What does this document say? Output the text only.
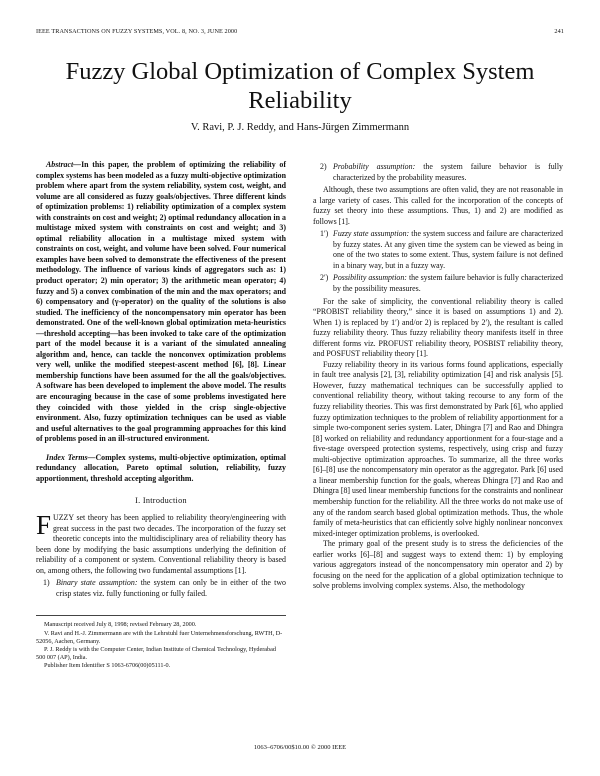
IEEE TRANSACTIONS ON FUZZY SYSTEMS, VOL. 8, NO. 3, JUNE 2000	241
Fuzzy Global Optimization of Complex System Reliability
V. Ravi, P. J. Reddy, and Hans-Jürgen Zimmermann

Abstract—In this paper, the problem of optimizing the reliability of complex systems has been modeled as a fuzzy multi-objective optimization problem where apart from the system reliability, system cost, weight, and volume are all considered as fuzzy goals/objectives. Three different kinds of optimization problems: 1) reliability optimization of a complex system with constraints on cost and weight; 2) optimal redundancy allocation in a multistage mixed system with constraints on cost and weight; and 3) optimal reliability allocation in a multistage mixed system with constraints on cost, weight, and volume have been solved. Four numerical examples have been solved to demonstrate the effectiveness of the present methodology. The influence of various kinds of aggregators such as: 1) product operator; 2) min operator; 3) the arithmetic mean operator; 4) fuzzy and 5) a convex combination of the min and the max operators; and 6) compensatory and (γ-operator) on the quality of the solutions is also studied. The inefficiency of the noncompensatory min operator has been demonstrated. One of the well-known global optimization meta-heuristics—threshold accepting—has been invoked to take care of the optimization part of the model because it is a variant of the simulated annealing algorithm and, hence, can tackle the nonconvex optimization problems very well, unlike the modified steepest-ascent method [6], [8]. Linear membership functions have been assumed for the all the goals/objectives. A software has been developed to implement the above model. The results are encouraging because in the case of some problems investigated here they coincided with those yielded in the crisp single-objective environment. Also, fuzzy optimization techniques can be used as viable and useful alternatives to the goal programming approaches for this kind of problems posed in an ill-structured environment.

Index Terms—Complex systems, multi-objective optimization, optimal redundancy allocation, Pareto optimal solution, reliability, fuzzy apportionment, threshold accepting algorithm.

I. Introduction

FUZZY set theory has been applied to reliability theory/engineering with great success in the past two decades. The incorporation of the fuzzy set theoretic concepts into the multidisciplinary area of reliability theory has been done by modifying the basic assumptions underlying the definition of reliability of a component or system. Conventional reliability theory is based on, among others, the following two fundamental assumptions [1].

1) Binary state assumption: the system can only be in either of the two crisp states viz. fully functioning or fully failed.
Manuscript received July 8, 1998; revised February 28, 2000.
V. Ravi and H.-J. Zimmermann are with the Lehrstuhl fuer Unternehmensforschung, RWTH, D-52056, Aachen, Germany.
P. J. Reddy is with the Computer Center, Indian Institute of Chemical Technology, Hyderabad 500 007 (AP), India.
Publisher Item Identifier S 1063-6706(00)05111-0.
2) Probability assumption: the system failure behavior is fully characterized by the probability measures.

Although, these two assumptions are often valid, they are not reasonable in a large variety of cases. This called for the incorporation of the concepts of fuzzy set theory into these assumptions. Thus, 1) and 2) are modified as follows [1].

1′) Fuzzy state assumption: the system success and failure are characterized by fuzzy states. At any given time the system can be viewed as being in one of the two states to some extent. Thus, system failure is not defined in a binary way, but in a fuzzy way.
2′) Possibility assumption: the system failure behavior is fully characterized by the possibility measures.

For the sake of simplicity, the conventional reliability theory is called “PROBIST reliability theory,” since it is based on assumptions 1) and 2). When 1) is replaced by 1′) and/or 2) is replaced by 2′), the resultant is called fuzzy reliability theory. Thus fuzzy reliability theory manifests itself in three different forms viz. PROFUST reliability theory, POSBIST reliability theory, and POSFUST reliability theory [1].

Fuzzy reliability theory in its various forms found applications, especially in fault tree analysis [2], [3], reliability optimization [4] and risk analysis [5]. However, fuzzy mathematical techniques can be successfully applied to conventional reliability theory, without taking recourse to any form of the fuzzy reliability theories. This was first demonstrated by Park [6], who applied fuzzy optimization techniques to the problem of reliability apportionment for a simple two-component series system. Later, Dhingra [7] and Rao and Dhingra [8] worked on reliability and redundancy apportionment for a four-stage and a five-stage overspeed protection systems, respectively, using crisp and fuzzy multi-objective optimization approaches. To summarize, all the three works [6]–[8] use the noncompensatory min operator as the aggregator. Park [6] used a linear membership function for the goals, whereas Dhingra [7] and Rao and Dhingra [8] used linear membership functions for the constraints and nonlinear membership function for the reliability. All the three works do not make use of any of the random search based global optimization methods. Thus, the whole family of meta-heuristics that can efficiently solve highly nonlinear nonconvex mixed-integer optimization problems, is overlooked.

The primary goal of the present study is to stress the deficiencies of the earlier works [6]–[8] and suggest ways to extend them: 1) by employing various aggregators instead of the noncompensatory min operator and 2) by focusing on the need for the application of a global optimization technique to solve problems involving complex systems. Also, the methodology

1063–6706/00$10.00 © 2000 IEEE
